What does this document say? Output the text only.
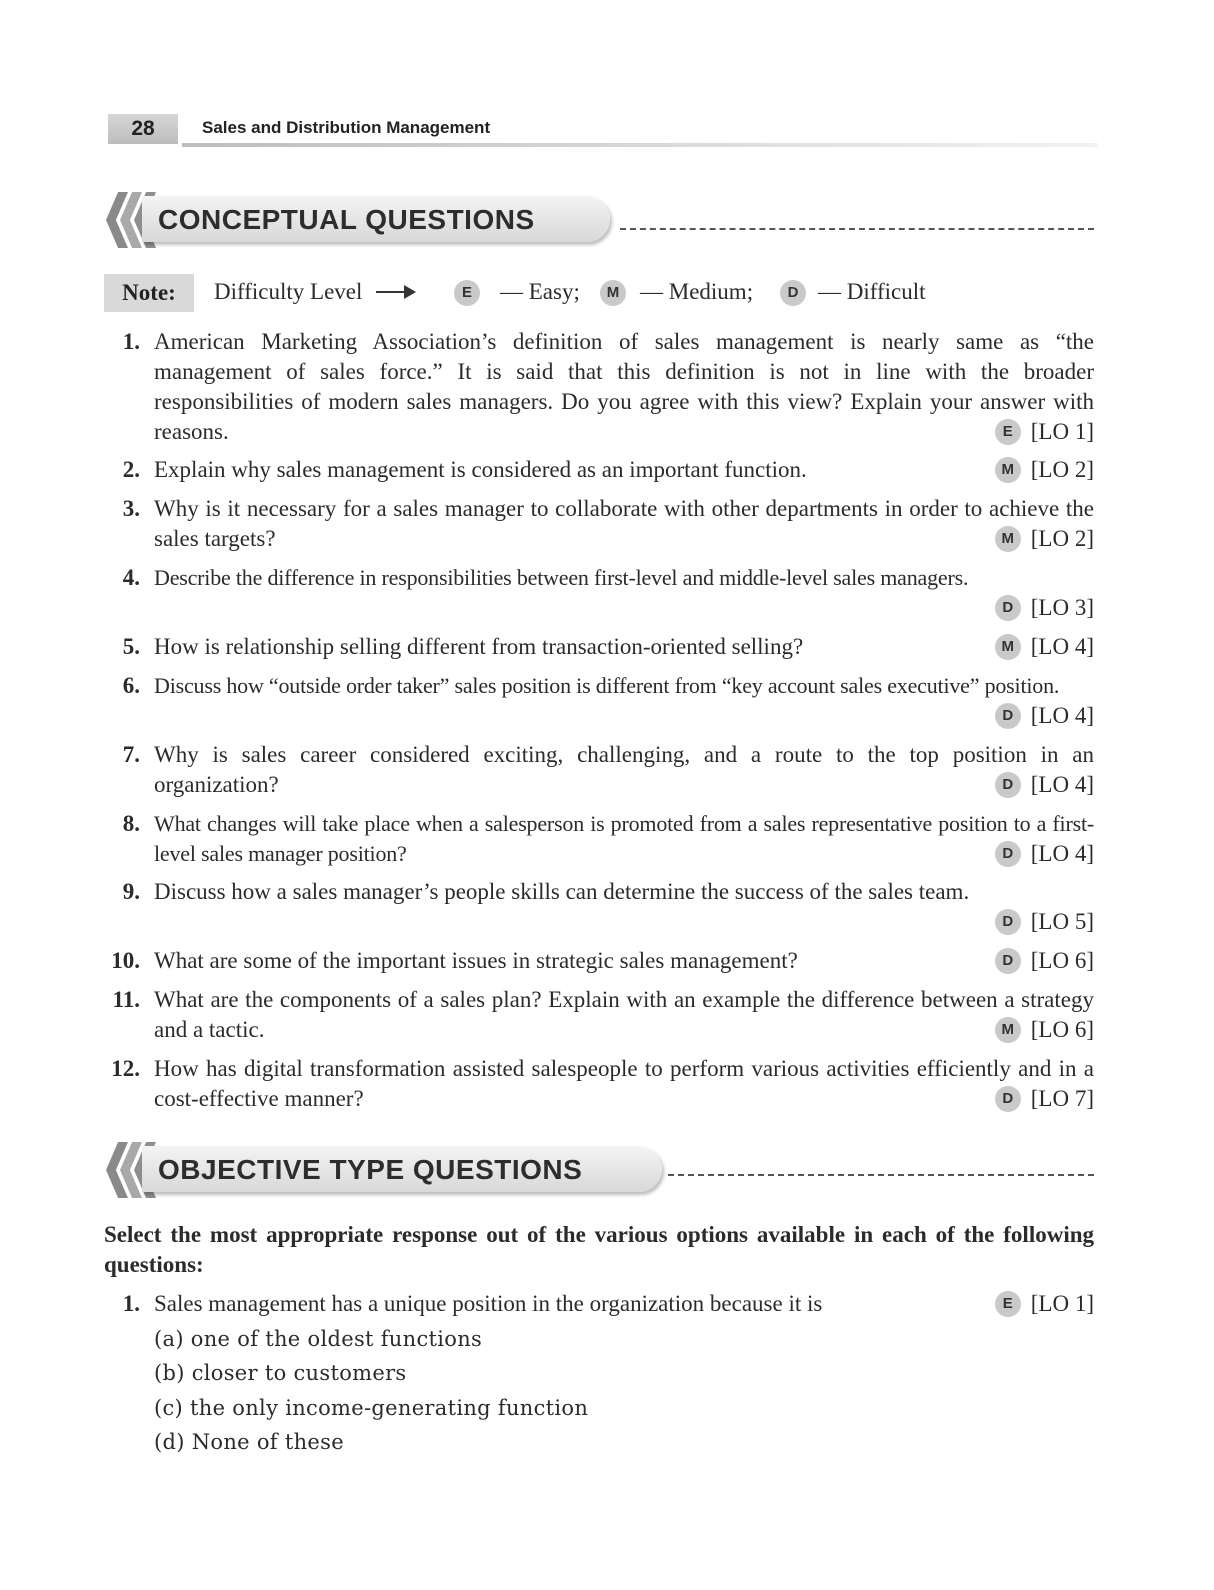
28	Sales and Distribution Management
CONCEPTUAL QUESTIONS
Note:	Difficulty Level	E	— Easy;	M — Medium;	D — Difficult
1. American Marketing Association’s definition of sales management is nearly same as “the management of sales force.” It is said that this definition is not in line with the broader responsibilities of modern sales managers. Do you agree with this view? Explain your answer with reasons.	E [LO 1]
2. Explain why sales management is considered as an important function.	M [LO 2]
3. Why is it necessary for a sales manager to collaborate with other departments in order to achieve the sales targets?	M [LO 2]
4. Describe the difference in responsibilities between first-level and middle-level sales managers.
D [LO 3]
5. How is relationship selling different from transaction-oriented selling?	M [LO 4]
6. Discuss how “outside order taker” sales position is different from “key account sales executive” position.
D [LO 4]
7. Why is sales career considered exciting, challenging, and a route to the top position in an organization?	D [LO 4]
8. What changes will take place when a salesperson is promoted from a sales representative position to a first-level sales manager position?	D [LO 4]
9. Discuss how a sales manager’s people skills can determine the success of the sales team.
D [LO 5]
10. What are some of the important issues in strategic sales management?	D [LO 6]
11. What are the components of a sales plan? Explain with an example the difference between a strategy and a tactic.	M [LO 6]
12. How has digital transformation assisted salespeople to perform various activities efficiently and in a cost-effective manner?	D [LO 7]
OBJECTIVE TYPE QUESTIONS
Select the most appropriate response out of the various options available in each of the following questions:
1. Sales management has a unique position in the organization because it is	E [LO 1]
(a) one of the oldest functions
(b) closer to customers
(c) the only income-generating function
(d) None of these
